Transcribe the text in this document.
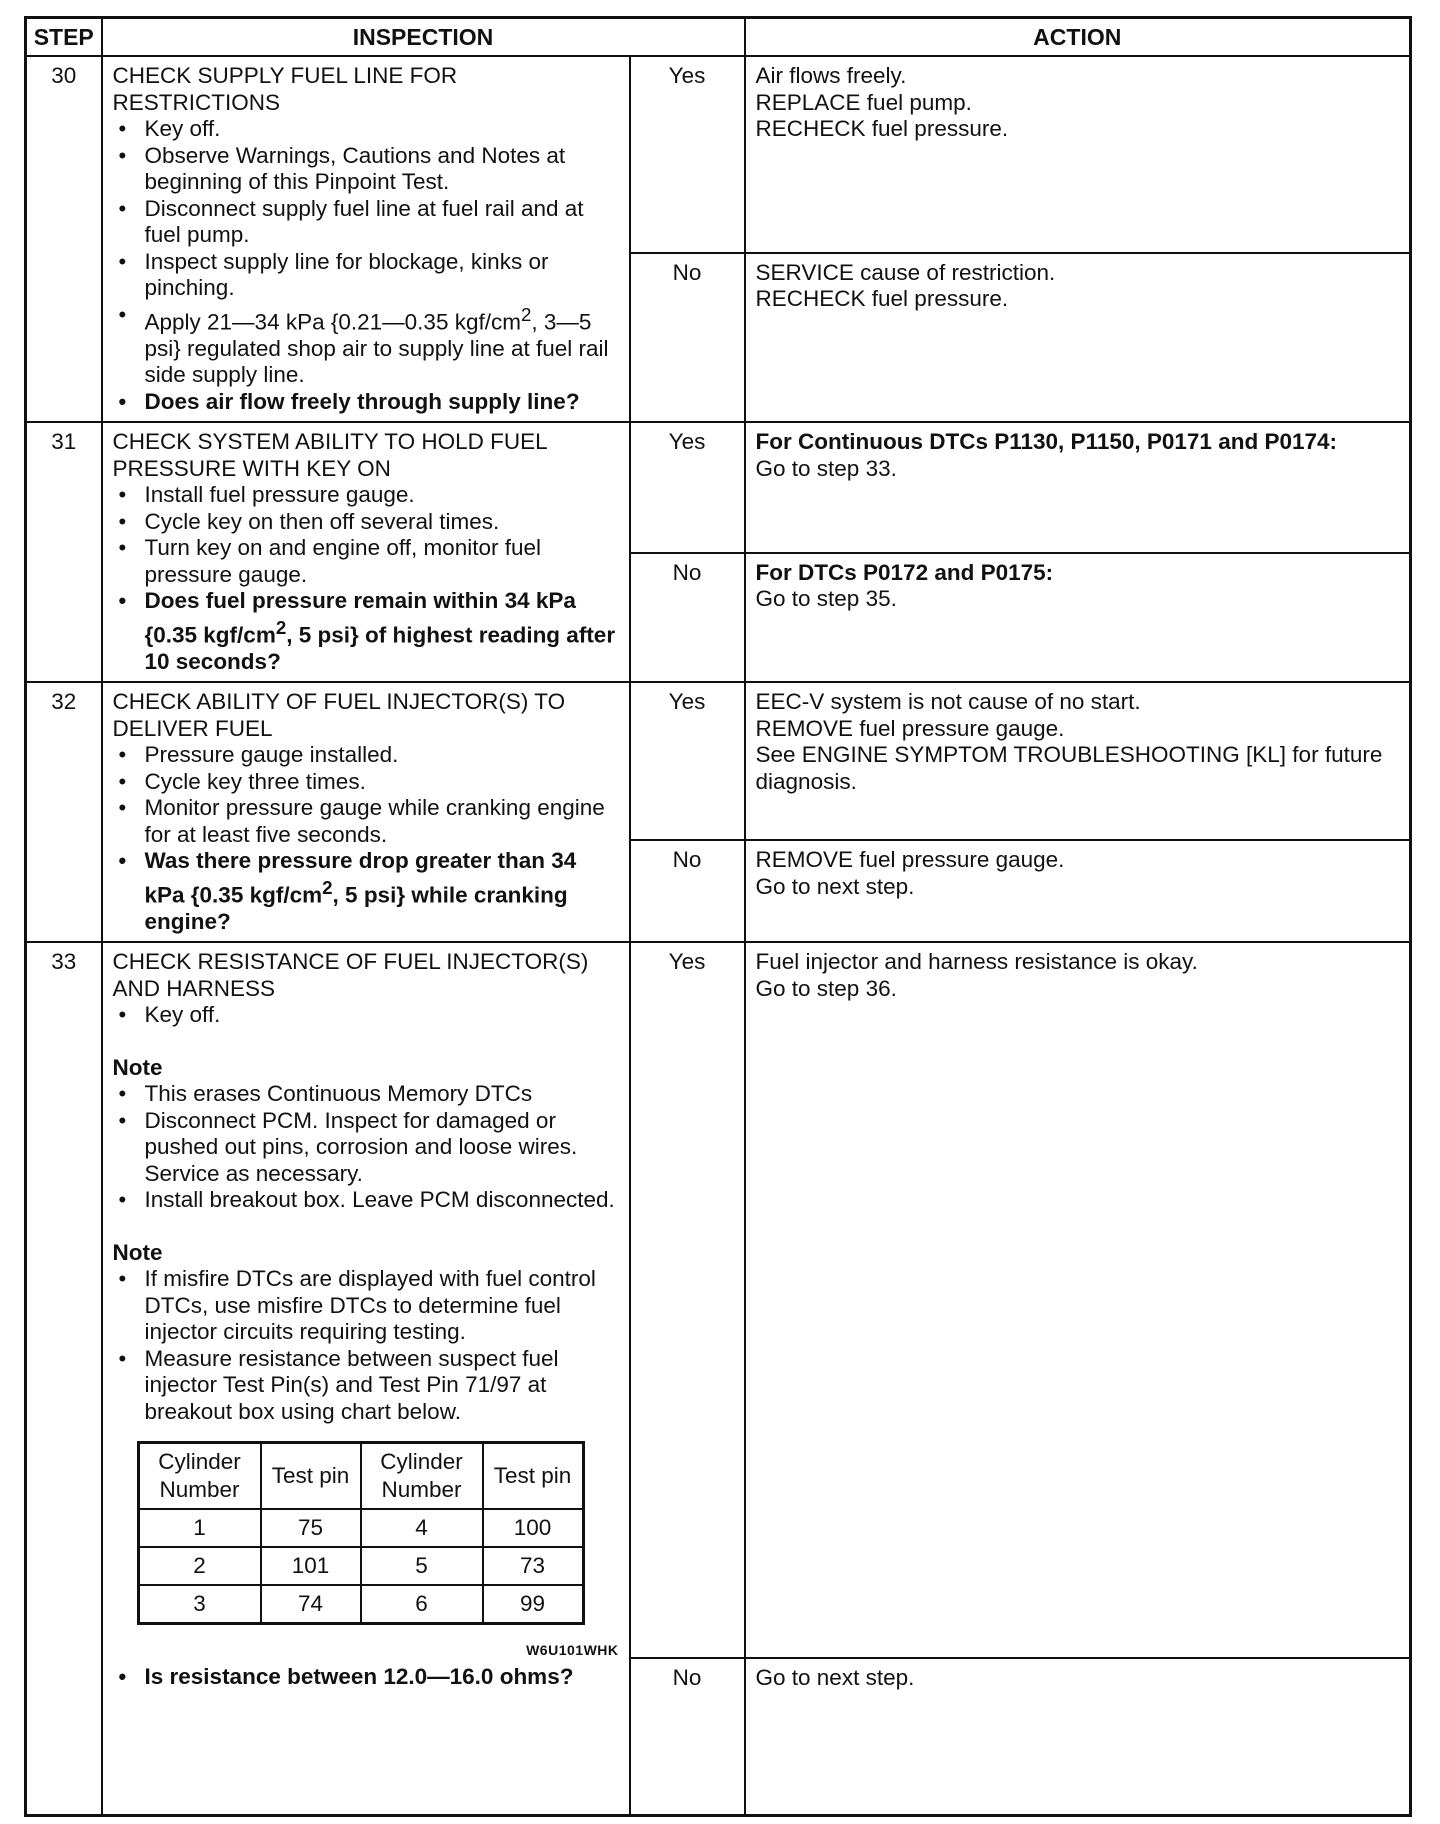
STEP	INSPECTION	ACTION
30	CHECK SUPPLY FUEL LINE FOR RESTRICTIONS
• Key off.
• Observe Warnings, Cautions and Notes at beginning of this Pinpoint Test.
• Disconnect supply fuel line at fuel rail and at fuel pump.
• Inspect supply line for blockage, kinks or pinching.
• Apply 21—34 kPa {0.21—0.35 kgf/$cm^2$, 3—5 psi} regulated shop air to supply line at fuel rail side supply line.
• Does air flow freely through supply line?
	Yes	Air flows freely.
REPLACE fuel pump.
RECHECK fuel pressure.

No	SERVICE cause of restriction.
RECHECK fuel pressure.

31	CHECK SYSTEM ABILITY TO HOLD FUEL PRESSURE WITH KEY ON
• Install fuel pressure gauge.
• Cycle key on then off several times.
• Turn key on and engine off, monitor fuel pressure gauge.
• Does fuel pressure remain within 34 kPa {0.35 kgf/$cm^2$, 5 psi} of highest reading after 10 seconds?
	Yes	For Continuous DTCs P1130, P1150, P0171 and P0174:
Go to step 33.

No	For DTCs P0172 and P0175:
Go to step 35.

32	CHECK ABILITY OF FUEL INJECTOR(S) TO DELIVER FUEL
• Pressure gauge installed.
• Cycle key three times.
• Monitor pressure gauge while cranking engine for at least five seconds.
• Was there pressure drop greater than 34 kPa {0.35 kgf/$cm^2$, 5 psi} while cranking engine?
	Yes	EEC-V system is not cause of no start.
REMOVE fuel pressure gauge.
See ENGINE SYMPTOM TROUBLESHOOTING [KL] for future diagnosis.

No	REMOVE fuel pressure gauge.
Go to next step.

33	CHECK RESISTANCE OF FUEL INJECTOR(S) AND HARNESS
• Key off.
Note
• This erases Continuous Memory DTCs
• Disconnect PCM. Inspect for damaged or pushed out pins, corrosion and loose wires. Service as necessary.
• Install breakout box. Leave PCM disconnected.
Note
• If misfire DTCs are displayed with fuel control DTCs, use misfire DTCs to determine fuel injector circuits requiring testing.
• Measure resistance between suspect fuel injector Test Pin(s) and Test Pin 71/97 at breakout box using chart below.
Cylinder Number	Test pin	Cylinder Number	Test pin
1	75	4	100
2	101	5	73
3	74	6	99
W6U101WHK
• Is resistance between 12.0—16.0 ohms?
	Yes	Fuel injector and harness resistance is okay.
Go to step 36.

No	Go to next step.
